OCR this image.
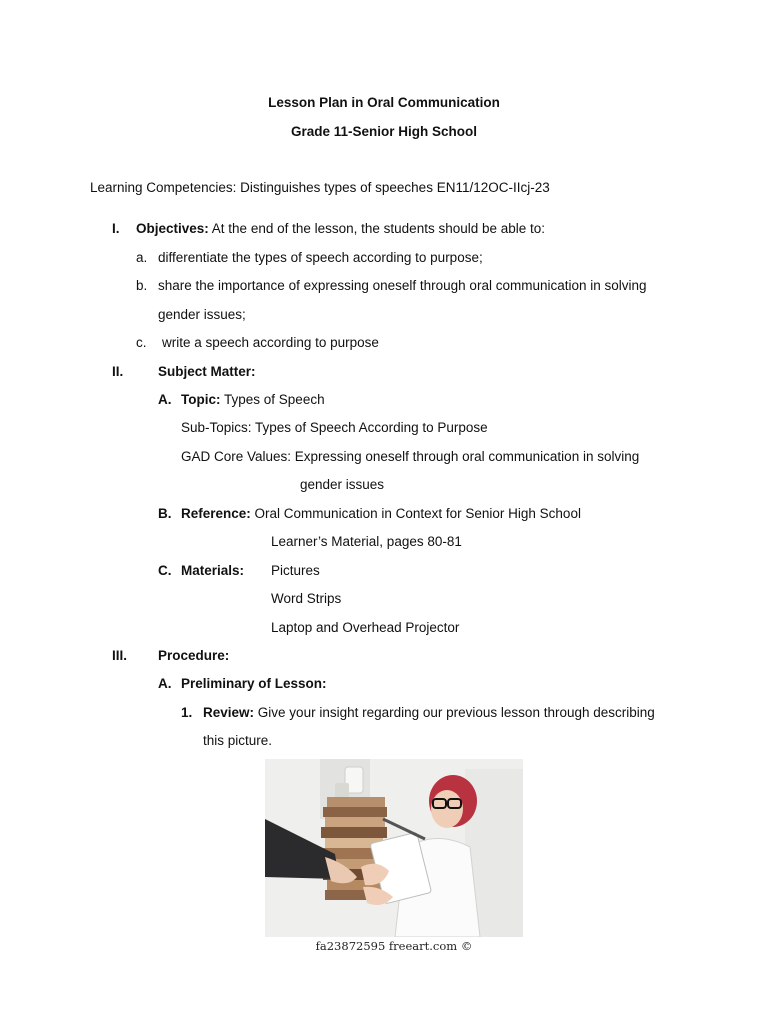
Lesson Plan in Oral Communication
Grade 11-Senior High School
Learning Competencies: Distinguishes types of speeches EN11/12OC-IIcj-23
I. Objectives: At the end of the lesson, the students should be able to:
a. differentiate the types of speech according to purpose;
b. share the importance of expressing oneself through oral communication in solving
gender issues;
c. write a speech according to purpose
II.	Subject Matter:
A. Topic: Types of Speech
Sub-Topics: Types of Speech According to Purpose
GAD Core Values: Expressing oneself through oral communication in solving
gender issues
B. Reference: Oral Communication in Context for Senior High School
Learner’s Material, pages 80-81
C. Materials: Pictures
Word Strips
Laptop and Overhead Projector
III. Procedure:
A. Preliminary of Lesson:
1. Review: Give your insight regarding our previous lesson through describing
this picture.
fa23872595 freeart.com ©
